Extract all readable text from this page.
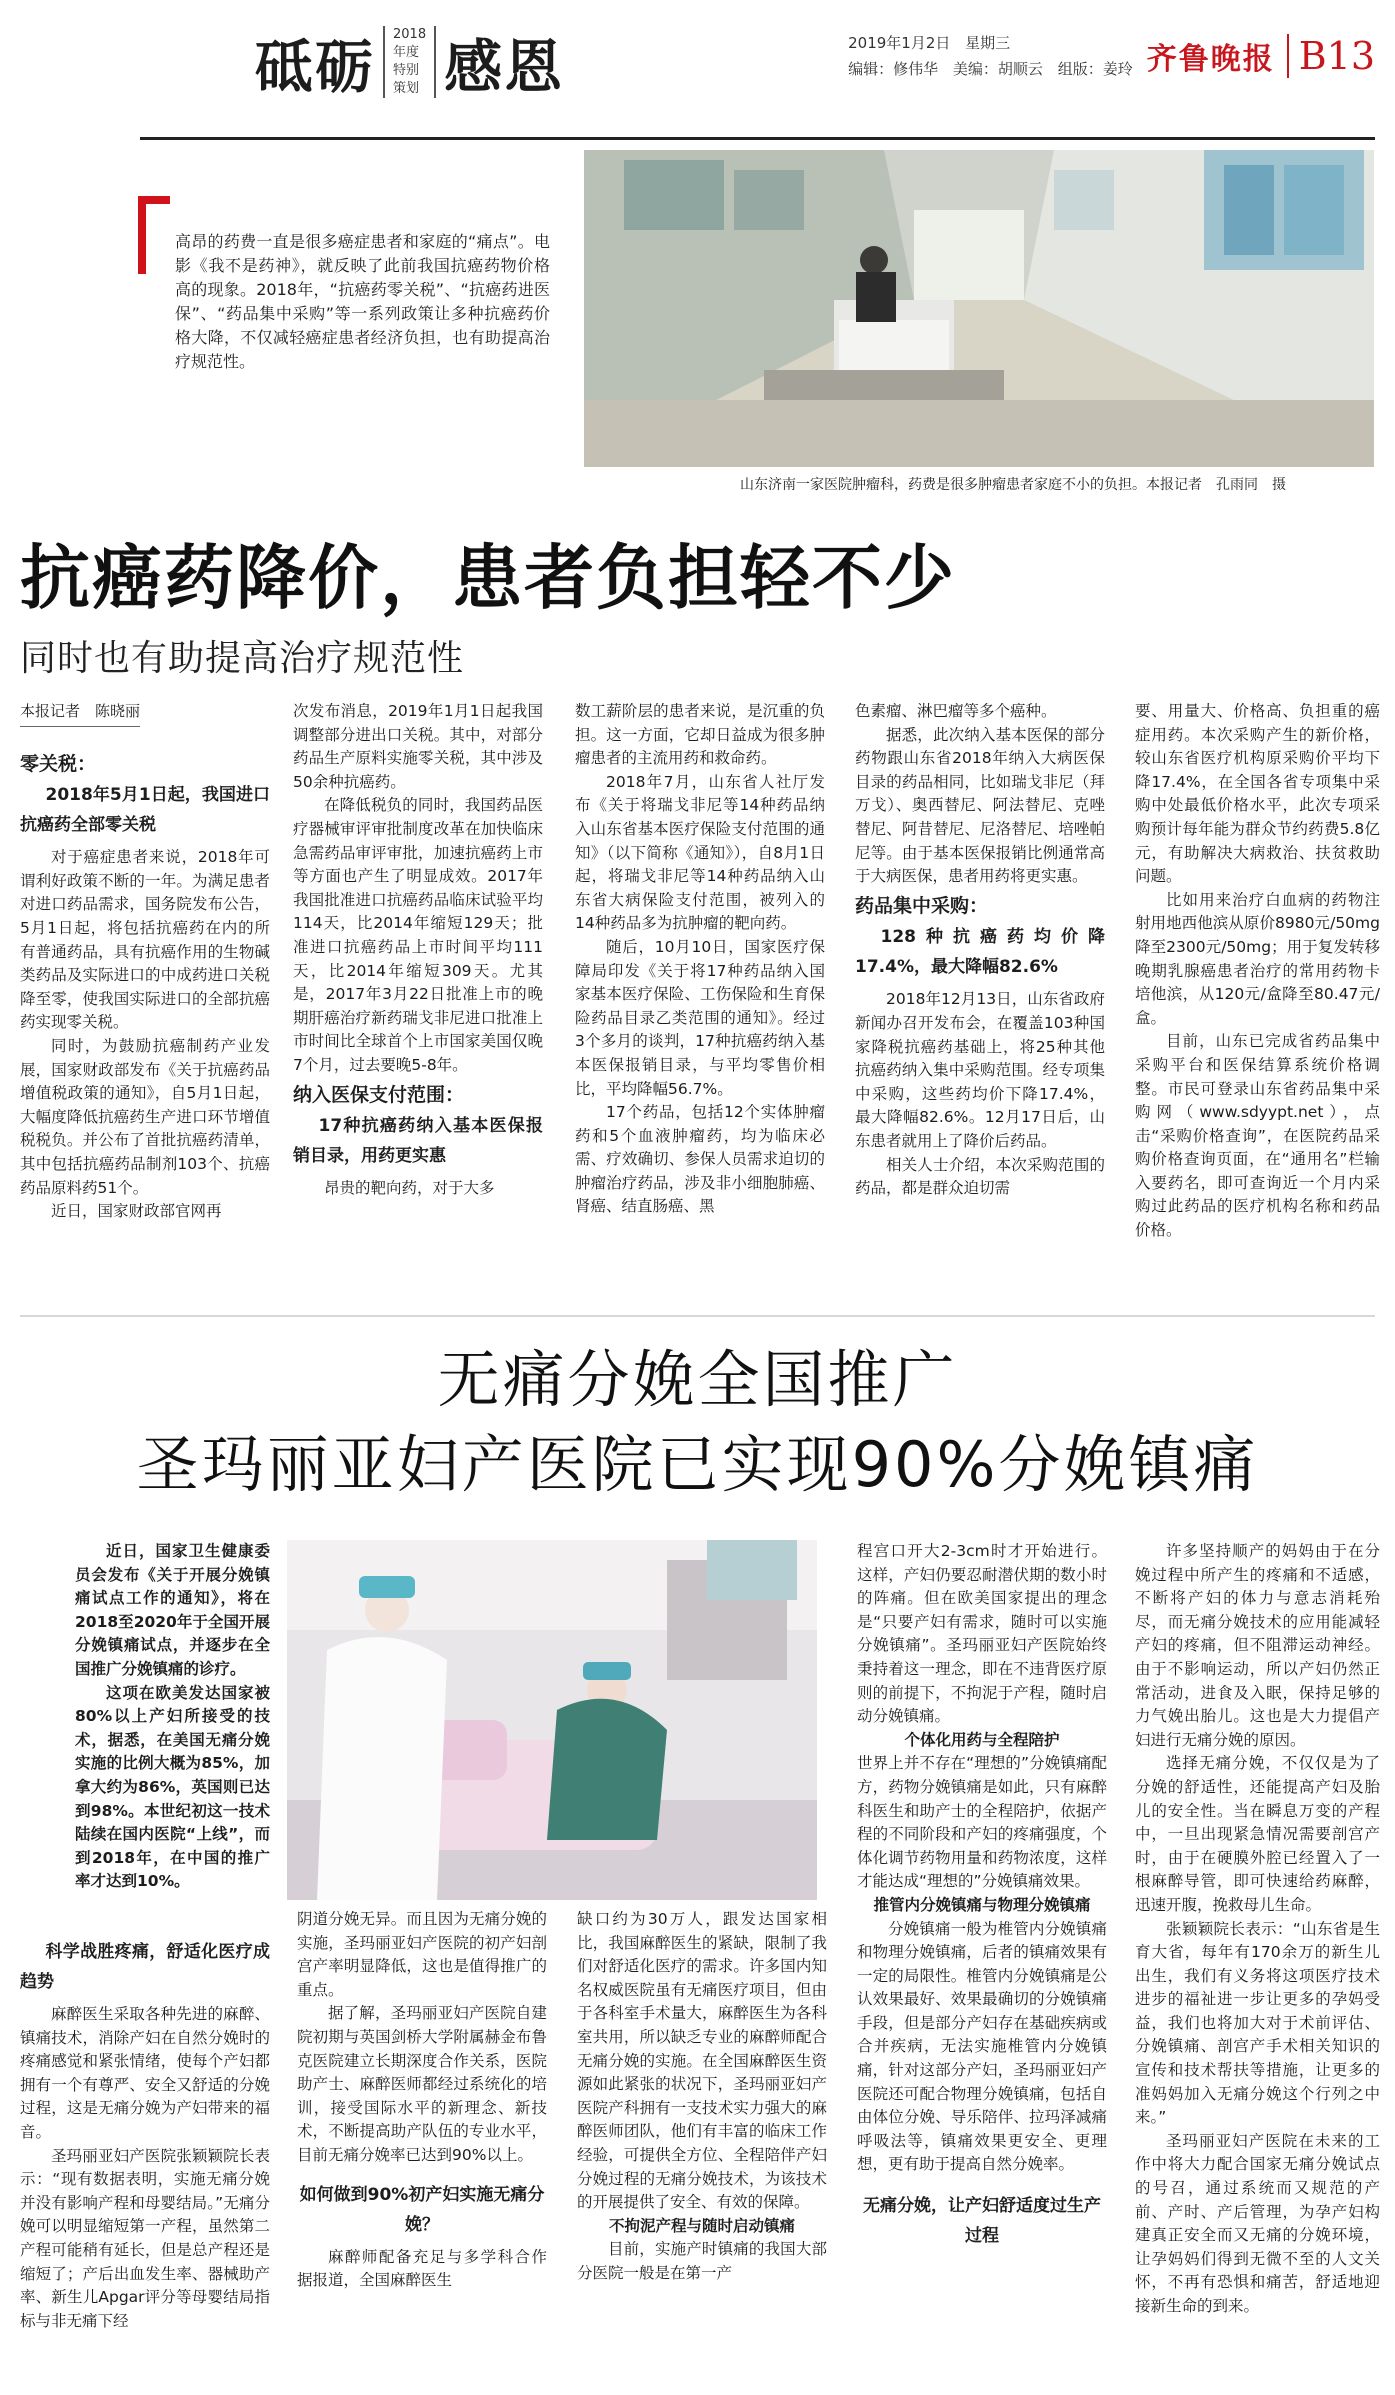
砥砺 2018
年度
特别
策划 感恩	2019年1月2日 星期三
编辑：修伟华 美编：胡顺云 组版：姜玲 齐鲁晚报 B13
高昂的药费一直是很多癌症患者和家庭的“痛点”。电影《我不是药神》，就反映了此前我国抗癌药物价格高的现象。2018年，“抗癌药零关税”、“抗癌药进医保”、“药品集中采购”等一系列政策让多种抗癌药价格大降，不仅减轻癌症患者经济负担，也有助提高治疗规范性。
山东济南一家医院肿瘤科，药费是很多肿瘤患者家庭不小的负担。本报记者　孔雨同　摄
抗癌药降价，患者负担轻不少
同时也有助提高治疗规范性

本报记者　陈晓丽

零关税：

2018年5月1日起，我国进口抗癌药全部零关税

对于癌症患者来说，2018年可谓利好政策不断的一年。为满足患者对进口药品需求，国务院发布公告，5月1日起，将包括抗癌药在内的所有普通药品，具有抗癌作用的生物碱类药品及实际进口的中成药进口关税降至零，使我国实际进口的全部抗癌药实现零关税。

同时，为鼓励抗癌制药产业发展，国家财政部发布《关于抗癌药品增值税政策的通知》，自5月1日起，大幅度降低抗癌药生产进口环节增值税税负。并公布了首批抗癌药清单，其中包括抗癌药品制剂103个、抗癌药品原料药51个。

近日，国家财政部官网再

次发布消息，2019年1月1日起我国调整部分进出口关税。其中，对部分药品生产原料实施零关税，其中涉及50余种抗癌药。

在降低税负的同时，我国药品医疗器械审评审批制度改革在加快临床急需药品审评审批，加速抗癌药上市等方面也产生了明显成效。2017年我国批准进口抗癌药品临床试验平均114天，比2014年缩短129天；批准进口抗癌药品上市时间平均111天，比2014年缩短309天。尤其是，2017年3月22日批准上市的晚期肝癌治疗新药瑞戈非尼进口批准上市时间比全球首个上市国家美国仅晚7个月，过去要晚5-8年。

纳入医保支付范围：

17种抗癌药纳入基本医保报销目录，用药更实惠

昂贵的靶向药，对于大多

数工薪阶层的患者来说，是沉重的负担。这一方面，它却日益成为很多肿瘤患者的主流用药和救命药。

2018年7月，山东省人社厅发布《关于将瑞戈非尼等14种药品纳入山东省基本医疗保险支付范围的通知》（以下简称《通知》），自8月1日起，将瑞戈非尼等14种药品纳入山东省大病保险支付范围，被列入的14种药品多为抗肿瘤的靶向药。

随后，10月10日，国家医疗保障局印发《关于将17种药品纳入国家基本医疗保险、工伤保险和生育保险药品目录乙类范围的通知》。经过3个多月的谈判，17种抗癌药纳入基本医保报销目录，与平均零售价相比，平均降幅56.7%。

17个药品，包括12个实体肿瘤药和5个血液肿瘤药，均为临床必需、疗效确切、参保人员需求迫切的肿瘤治疗药品，涉及非小细胞肺癌、肾癌、结直肠癌、黑

色素瘤、淋巴瘤等多个癌种。

据悉，此次纳入基本医保的部分药物跟山东省2018年纳入大病医保目录的药品相同，比如瑞戈非尼（拜万戈）、奥西替尼、阿法替尼、克唑替尼、阿昔替尼、尼洛替尼、培唑帕尼等。由于基本医保报销比例通常高于大病医保，患者用药将更实惠。

药品集中采购：

128种抗癌药均价降17.4%，最大降幅82.6%

2018年12月13日，山东省政府新闻办召开发布会，在覆盖103种国家降税抗癌药基础上，将25种其他抗癌药纳入集中采购范围。经专项集中采购，这些药均价下降17.4%，最大降幅82.6%。12月17日后，山东患者就用上了降价后药品。

相关人士介绍，本次采购范围的药品，都是群众迫切需

要、用量大、价格高、负担重的癌症用药。本次采购产生的新价格，较山东省医疗机构原采购价平均下降17.4%，在全国各省专项集中采购中处最低价格水平，此次专项采购预计每年能为群众节约药费5.8亿元，有助解决大病救治、扶贫救助问题。

比如用来治疗白血病的药物注射用地西他滨从原价8980元/50mg降至2300元/50mg；用于复发转移晚期乳腺癌患者治疗的常用药物卡培他滨，从120元/盒降至80.47元/盒。

目前，山东已完成省药品集中采购平台和医保结算系统价格调整。市民可登录山东省药品集中采购网（www.sdyypt.net），点击“采购价格查询”，在医院药品采购价格查询页面，在“通用名”栏输入要药名，即可查询近一个月内采购过此药品的医疗机构名称和药品价格。

无痛分娩全国推广
圣玛丽亚妇产医院已实现90%分娩镇痛

近日，国家卫生健康委员会发布《关于开展分娩镇痛试点工作的通知》，将在2018至2020年于全国开展分娩镇痛试点，并逐步在全国推广分娩镇痛的诊疗。

这项在欧美发达国家被80%以上产妇所接受的技术，据悉，在美国无痛分娩实施的比例大概为85%，加拿大约为86%，英国则已达到98%。本世纪初这一技术陆续在国内医院“上线”，而到2018年，在中国的推广率才达到10%。

科学战胜疼痛，舒适化医疗成趋势

麻醉医生采取各种先进的麻醉、镇痛技术，消除产妇在自然分娩时的疼痛感觉和紧张情绪，使每个产妇都拥有一个有尊严、安全又舒适的分娩过程，这是无痛分娩为产妇带来的福音。

圣玛丽亚妇产医院张颖颖院长表示：“现有数据表明，实施无痛分娩并没有影响产程和母婴结局。”无痛分娩可以明显缩短第一产程，虽然第二产程可能稍有延长，但是总产程还是缩短了；产后出血发生率、器械助产率、新生儿Apgar评分等母婴结局指标与非无痛下经

阴道分娩无异。而且因为无痛分娩的实施，圣玛丽亚妇产医院的初产妇剖宫产率明显降低，这也是值得推广的重点。

据了解，圣玛丽亚妇产医院自建院初期与英国剑桥大学附属赫金布鲁克医院建立长期深度合作关系，医院助产士、麻醉医师都经过系统化的培训，接受国际水平的新理念、新技术，不断提高助产队伍的专业水平，目前无痛分娩率已达到90%以上。

如何做到90%初产妇实施无痛分娩？

麻醉师配备充足与多学科合作　据报道，全国麻醉医生

缺口约为30万人，跟发达国家相比，我国麻醉医生的紧缺，限制了我们对舒适化医疗的需求。许多国内知名权威医院虽有无痛医疗项目，但由于各科室手术量大，麻醉医生为各科室共用，所以缺乏专业的麻醉师配合无痛分娩的实施。在全国麻醉医生资源如此紧张的状况下，圣玛丽亚妇产医院产科拥有一支技术实力强大的麻醉医师团队，他们有丰富的临床工作经验，可提供全方位、全程陪伴产妇分娩过程的无痛分娩技术，为该技术的开展提供了安全、有效的保障。

不拘泥产程与随时启动镇痛

目前，实施产时镇痛的我国大部分医院一般是在第一产

程宫口开大2-3cm时才开始进行。这样，产妇仍要忍耐潜伏期的数小时的阵痛。但在欧美国家提出的理念是“只要产妇有需求，随时可以实施分娩镇痛”。圣玛丽亚妇产医院始终秉持着这一理念，即在不违背医疗原则的前提下，不拘泥于产程，随时启动分娩镇痛。

个体化用药与全程陪护

世界上并不存在“理想的”分娩镇痛配方，药物分娩镇痛是如此，只有麻醉科医生和助产士的全程陪护，依据产程的不同阶段和产妇的疼痛强度，个体化调节药物用量和药物浓度，这样才能达成“理想的”分娩镇痛效果。

推管内分娩镇痛与物理分娩镇痛

分娩镇痛一般为椎管内分娩镇痛和物理分娩镇痛，后者的镇痛效果有一定的局限性。椎管内分娩镇痛是公认效果最好、效果最确切的分娩镇痛手段，但是部分产妇存在基础疾病或合并疾病，无法实施椎管内分娩镇痛，针对这部分产妇，圣玛丽亚妇产医院还可配合物理分娩镇痛，包括自由体位分娩、导乐陪伴、拉玛泽减痛呼吸法等，镇痛效果更安全、更理想，更有助于提高自然分娩率。

无痛分娩，让产妇舒适度过生产过程

许多坚持顺产的妈妈由于在分娩过程中所产生的疼痛和不适感，不断将产妇的体力与意志消耗殆尽，而无痛分娩技术的应用能减轻产妇的疼痛，但不阻滞运动神经。由于不影响运动，所以产妇仍然正常活动，进食及入眠，保持足够的力气娩出胎儿。这也是大力提倡产妇进行无痛分娩的原因。

选择无痛分娩，不仅仅是为了分娩的舒适性，还能提高产妇及胎儿的安全性。当在瞬息万变的产程中，一旦出现紧急情况需要剖宫产时，由于在硬膜外腔已经置入了一根麻醉导管，即可快速给药麻醉，迅速开腹，挽救母儿生命。

张颖颖院长表示：“山东省是生育大省，每年有170余万的新生儿出生，我们有义务将这项医疗技术进步的福祉进一步让更多的孕妈受益，我们也将加大对于术前评估、分娩镇痛、剖宫产手术相关知识的宣传和技术帮扶等措施，让更多的准妈妈加入无痛分娩这个行列之中来。”

圣玛丽亚妇产医院在未来的工作中将大力配合国家无痛分娩试点的号召，通过系统而又规范的产前、产时、产后管理，为孕产妇构建真正安全而又无痛的分娩环境，让孕妈妈们得到无微不至的人文关怀，不再有恐惧和痛苦，舒适地迎接新生命的到来。
